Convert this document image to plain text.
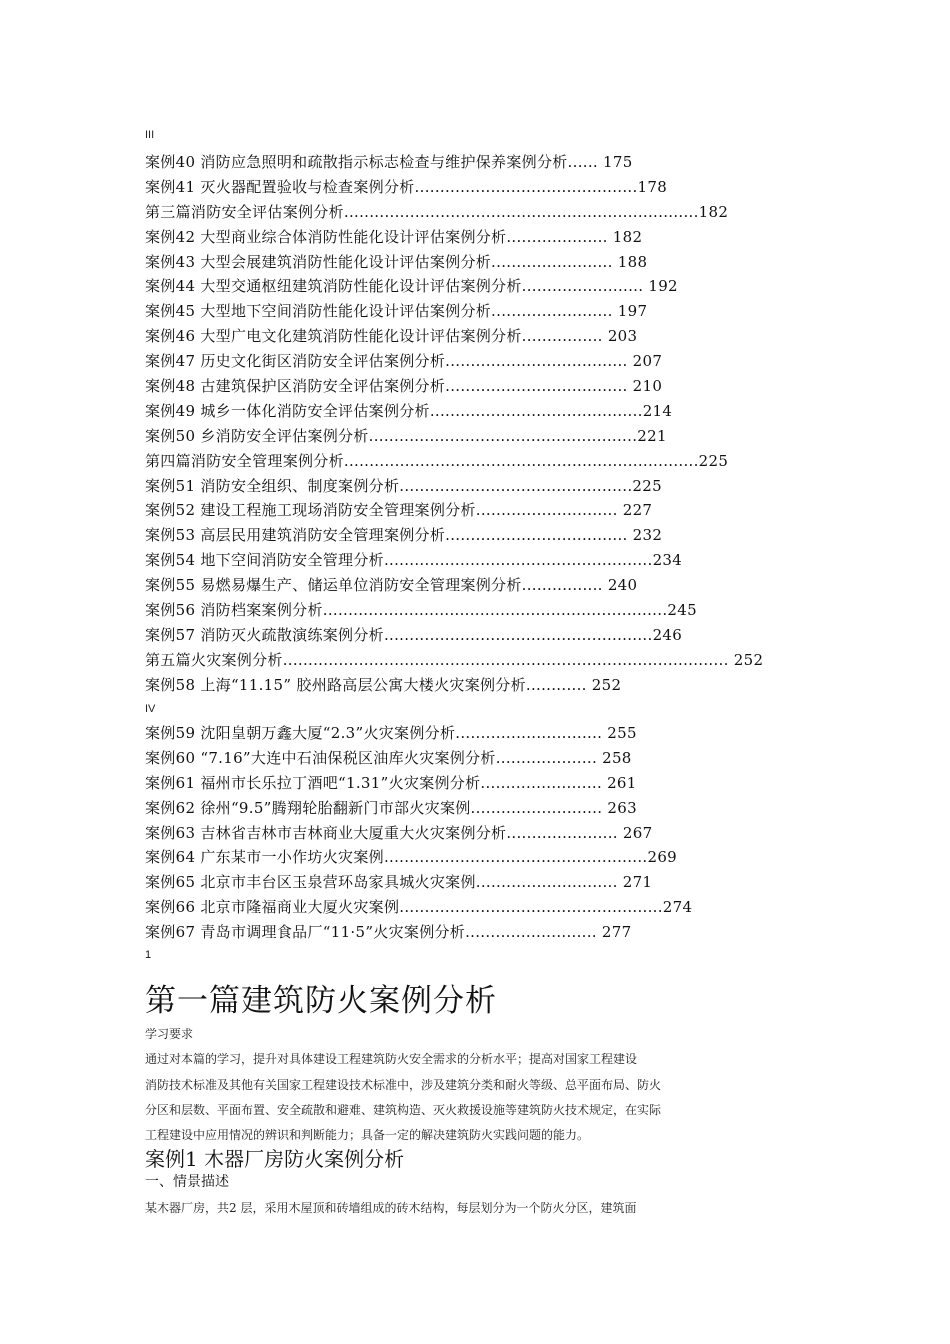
III
案例40 消防应急照明和疏散指示标志检查与维护保养案例分析...... 175
案例41 灭火器配置验收与检查案例分析............................................178
第三篇消防安全评估案例分析......................................................................182
案例42 大型商业综合体消防性能化设计评估案例分析.................... 182
案例43 大型会展建筑消防性能化设计评估案例分析........................ 188
案例44 大型交通枢纽建筑消防性能化设计评估案例分析........................ 192
案例45 大型地下空间消防性能化设计评估案例分析........................ 197
案例46 大型广电文化建筑消防性能化设计评估案例分析................ 203
案例47 历史文化街区消防安全评估案例分析.................................... 207
案例48 古建筑保护区消防安全评估案例分析.................................... 210
案例49 城乡一体化消防安全评估案例分析..........................................214
案例50 乡消防安全评估案例分析.....................................................221
第四篇消防安全管理案例分析......................................................................225
案例51 消防安全组织、制度案例分析..............................................225
案例52 建设工程施工现场消防安全管理案例分析............................ 227
案例53 高层民用建筑消防安全管理案例分析.................................... 232
案例54 地下空间消防安全管理分析.....................................................234
案例55 易燃易爆生产、储运单位消防安全管理案例分析................ 240
案例56 消防档案案例分析....................................................................245
案例57 消防灭火疏散演练案例分析.....................................................246
第五篇火灾案例分析........................................................................................ 252
案例58 上海“11.15” 胶州路高层公寓大楼火灾案例分析............ 252
IV
案例59 沈阳皇朝万鑫大厦“2.3”火灾案例分析............................. 255
案例60 “7.16”大连中石油保税区油库火灾案例分析.................... 258
案例61 福州市长乐拉丁酒吧“1.31”火灾案例分析........................ 261
案例62 徐州“9.5”腾翔轮胎翻新门市部火灾案例.......................... 263
案例63 吉林省吉林市吉林商业大厦重大火灾案例分析...................... 267
案例64 广东某市一小作坊火灾案例....................................................269
案例65 北京市丰台区玉泉营环岛家具城火灾案例............................ 271
案例66 北京市隆福商业大厦火灾案例....................................................274
案例67 青岛市调理食品厂“11·5”火灾案例分析.......................... 277
1
第一篇建筑防火案例分析
学习要求
通过对本篇的学习，提升对具体建设工程建筑防火安全需求的分析水平；提高对国家工程建设
消防技术标准及其他有关国家工程建设技术标准中，涉及建筑分类和耐火等级、总平面布局、防火
分区和层数、平面布置、安全疏散和避难、建筑构造、灭火救援设施等建筑防火技术规定，在实际
工程建设中应用情况的辨识和判断能力；具备一定的解决建筑防火实践问题的能力。
案例1 木器厂房防火案例分析
一、情景描述
某木器厂房，共2 层，采用木屋顶和砖墙组成的砖木结构，每层划分为一个防火分区，建筑面
